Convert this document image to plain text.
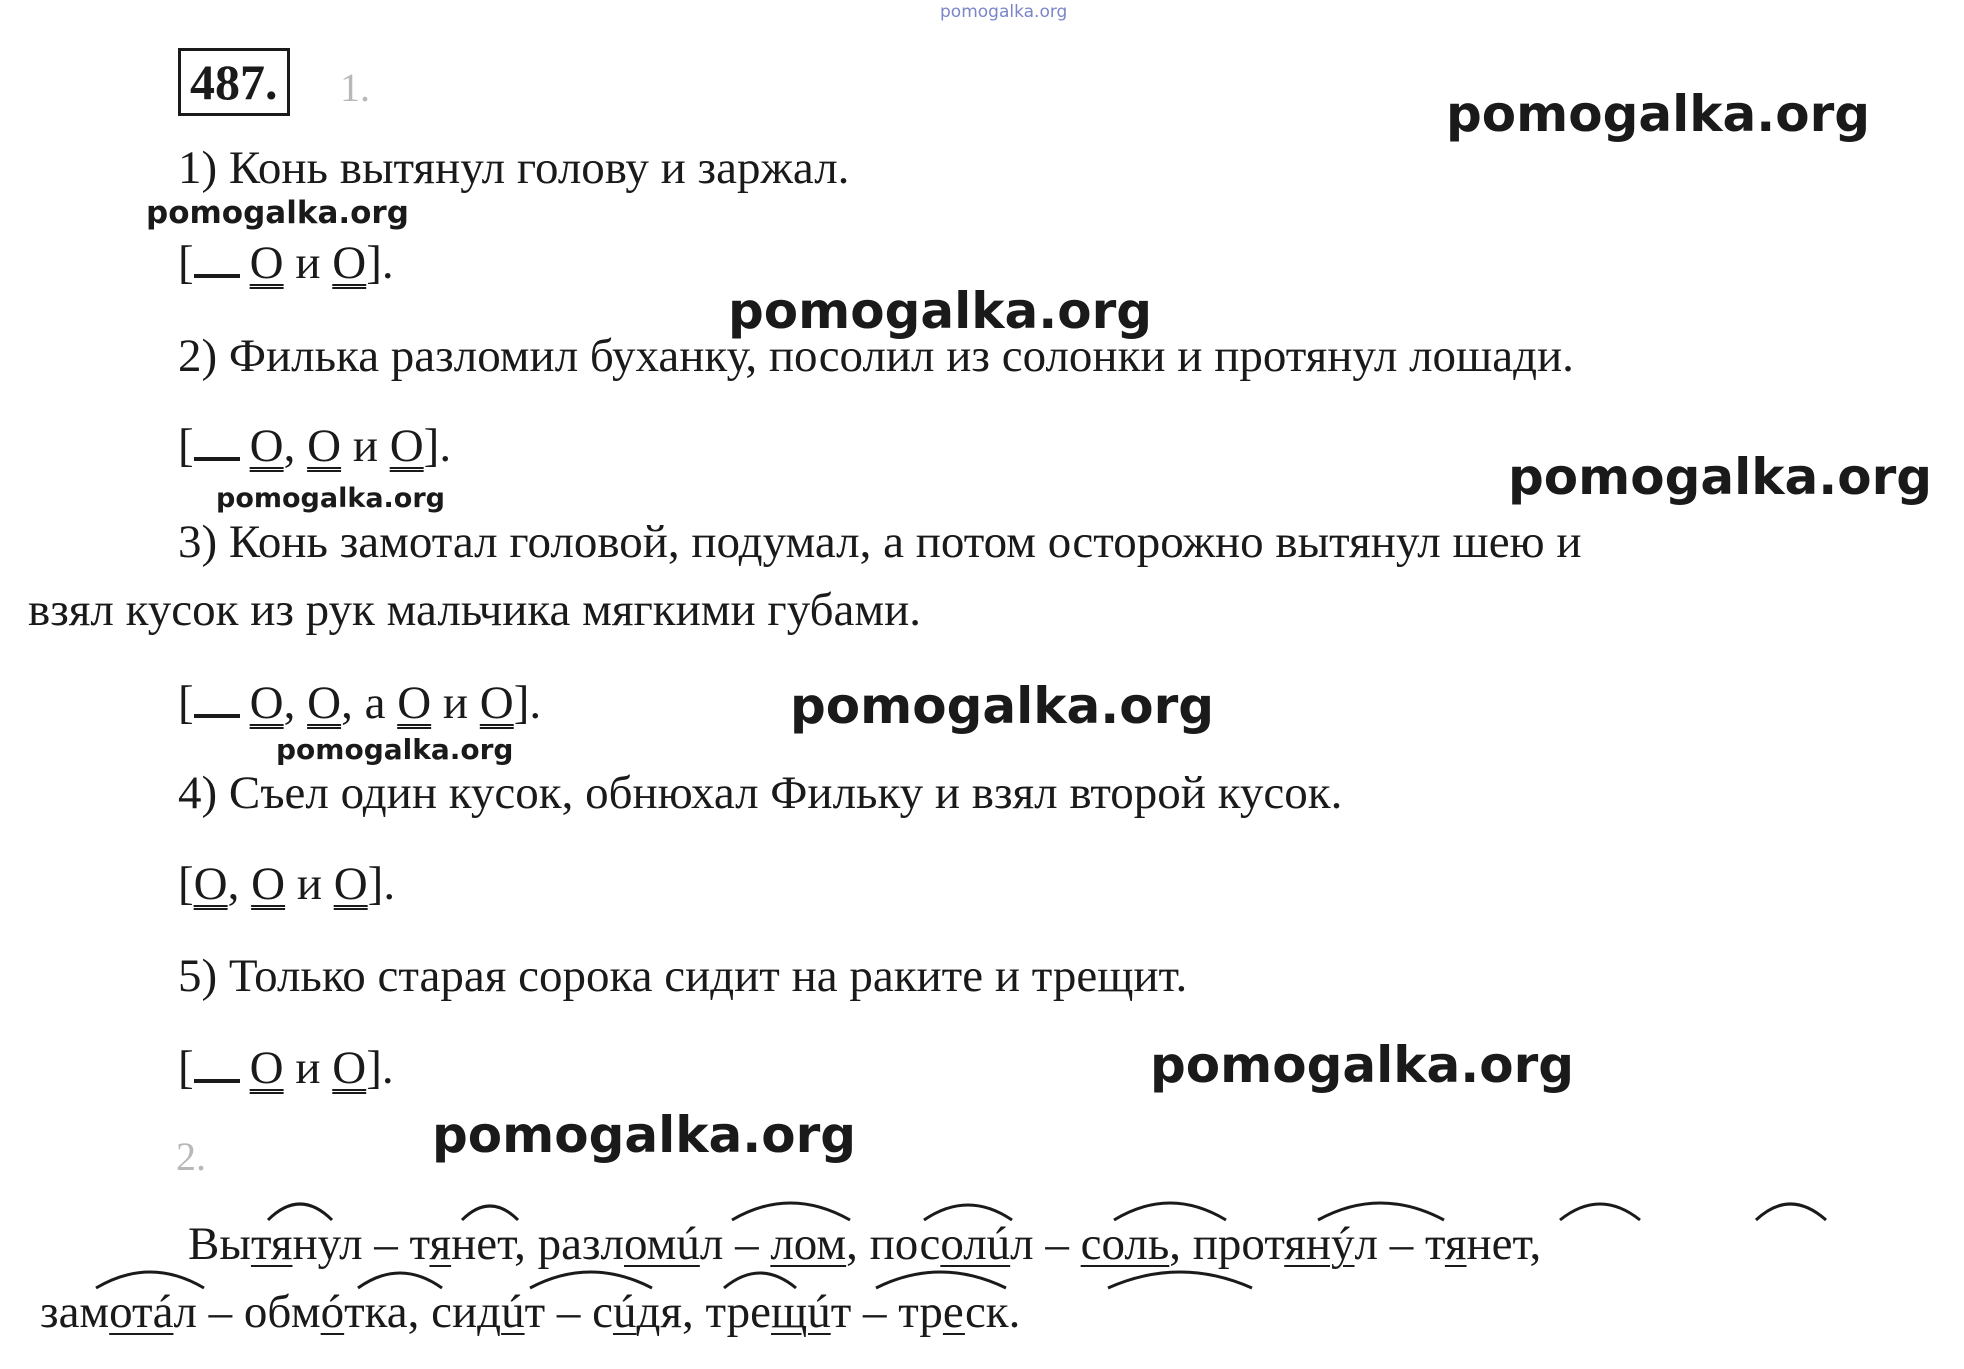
pomogalka.org
pomogalka.org
pomogalka.org
pomogalka.org
pomogalka.org
pomogalka.org
pomogalka.org
pomogalka.org
pomogalka.org
pomogalka.org
487.	1.
1) Конь вытянул голову и заржал.
[ О и О].
2) Филька разломил буханку, посолил из солонки и протянул лошади.
[ О, О и О].
3) Конь замотал головой, подумал, а потом осторожно вытянул шею и
взял кусок из рук мальчика мягкими губами.
[ О, О, а О и О].
4) Съел один кусок, обнюхал Фильку и взял второй кусок.
[О, О и О].
5) Только старая сорока сидит на раките и трещит.
[ О и О].
2.
Вытянул – тянет, разломúл – лом, посолúл – соль, протянýл – тянет,
замотáл – обмóтка, сидúт – сúдя, трещúт – треск.
